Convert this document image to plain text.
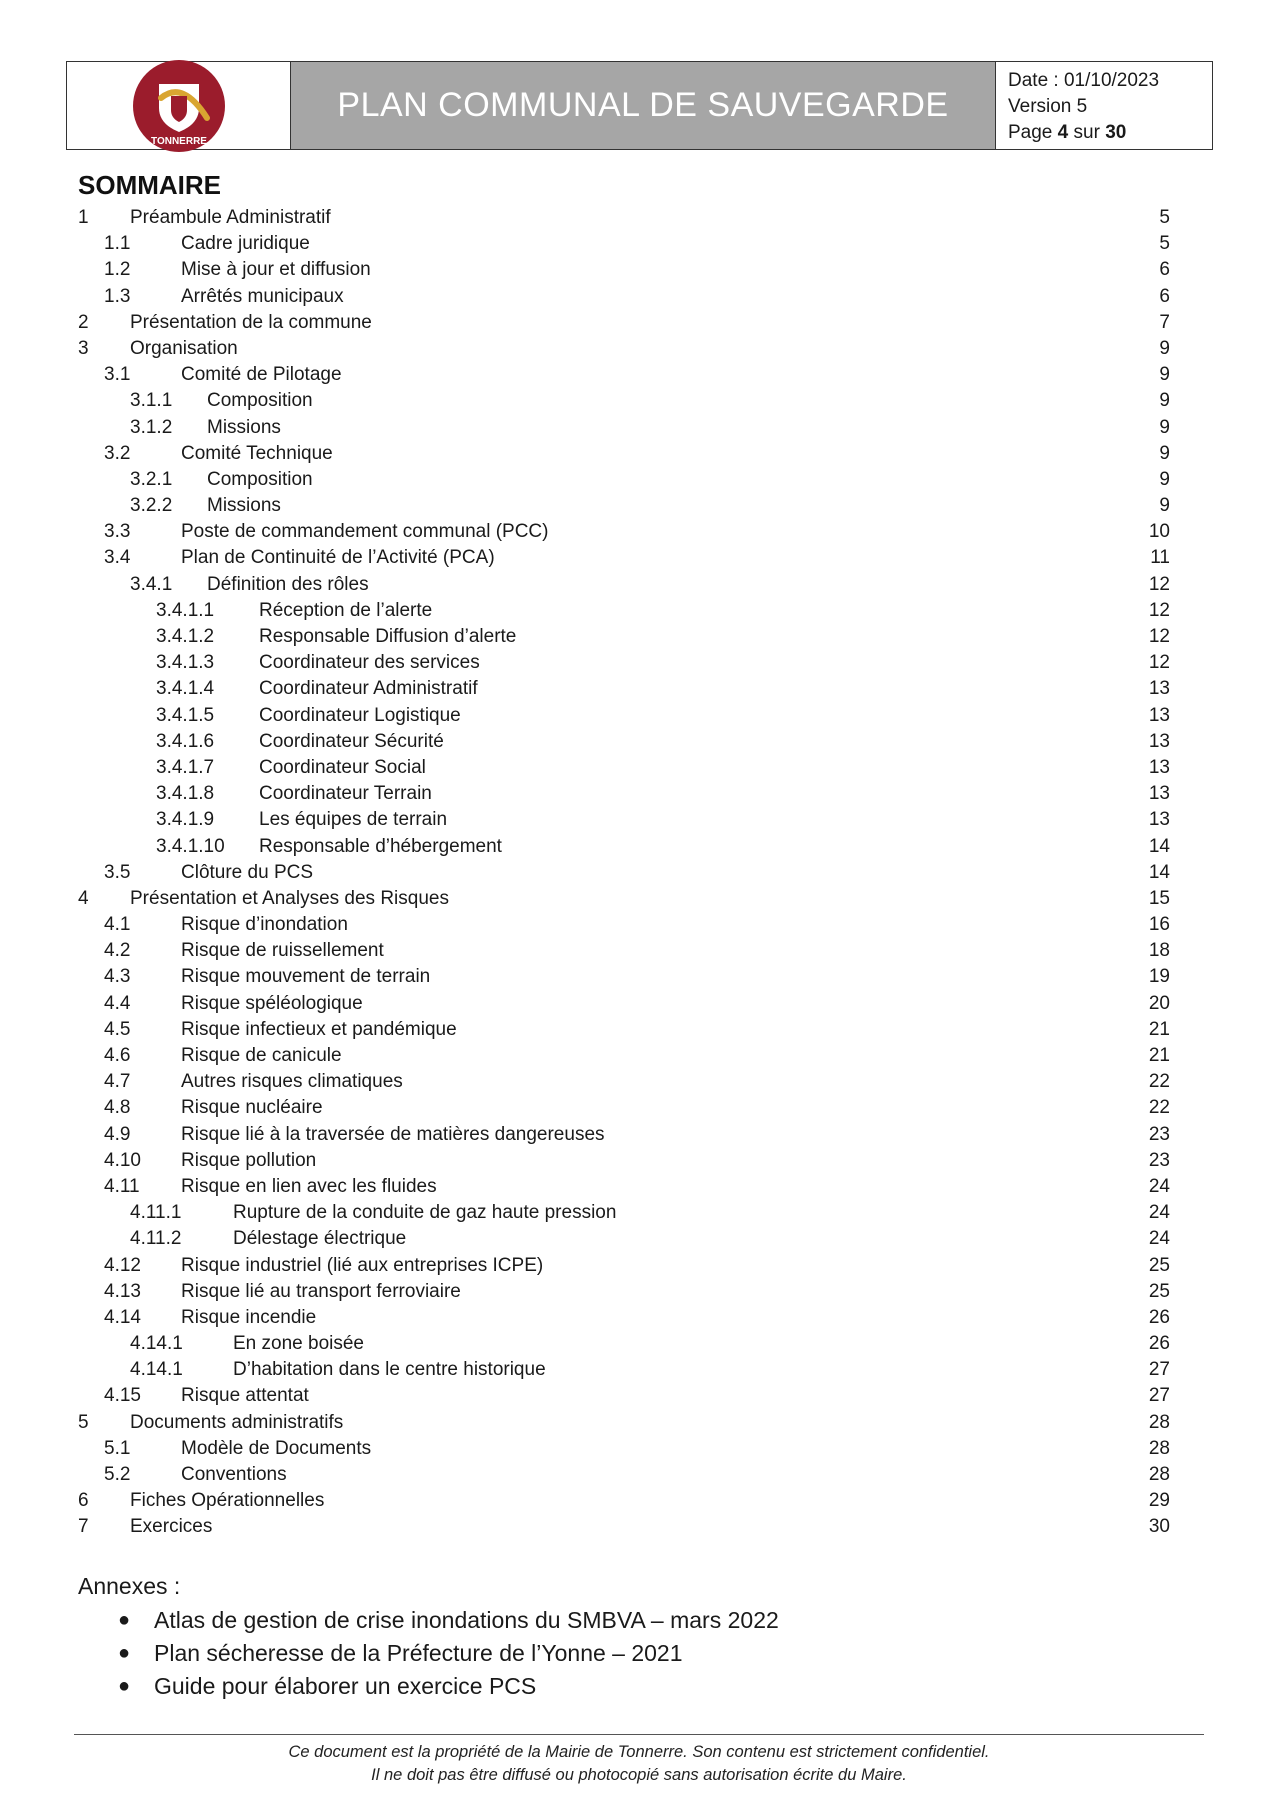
TONNERRE
PLAN COMMUNAL DE SAUVEGARDE
Date : 01/10/2023
Version 5
Page 4 sur 30
SOMMAIRE
1 Préambule Administratif	5
1.1	Cadre juridique	5
1.2	Mise à jour et diffusion	6
1.3	Arrêtés municipaux	6
2 Présentation de la commune	7
3 Organisation	9
3.1	Comité de Pilotage	9
3.1.1 Composition	9
3.1.2 Missions	9
3.2	Comité Technique	9
3.2.1 Composition	9
3.2.2 Missions	9
3.3	Poste de commandement communal (PCC)	10
3.4	Plan de Continuité de l’Activité (PCA)	11
3.4.1 Définition des rôles	12
3.4.1.1 Réception de l’alerte	12
3.4.1.2 Responsable Diffusion d’alerte	12
3.4.1.3 Coordinateur des services	12
3.4.1.4 Coordinateur Administratif	13
3.4.1.5 Coordinateur Logistique	13
3.4.1.6 Coordinateur Sécurité	13
3.4.1.7 Coordinateur Social	13
3.4.1.8 Coordinateur Terrain	13
3.4.1.9 Les équipes de terrain	13
3.4.1.10 Responsable d’hébergement	14
3.5	Clôture du PCS	14
4 Présentation et Analyses des Risques	15
4.1	Risque d’inondation	16
4.2	Risque de ruissellement	18
4.3	Risque mouvement de terrain	19
4.4	Risque spéléologique	20
4.5	Risque infectieux et pandémique	21
4.6	Risque de canicule	21
4.7	Autres risques climatiques	22
4.8	Risque nucléaire	22
4.9	Risque lié à la traversée de matières dangereuses	23
4.10 Risque pollution	23
4.11 Risque en lien avec les fluides	24
4.11.1	Rupture de la conduite de gaz haute pression	24
4.11.2	Délestage électrique	24
4.12 Risque industriel (lié aux entreprises ICPE)	25
4.13 Risque lié au transport ferroviaire	25
4.14 Risque incendie	26
4.14.1	En zone boisée	26
4.14.1	D’habitation dans le centre historique	27
4.15 Risque attentat	27
5 Documents administratifs	28
5.1	Modèle de Documents	28
5.2	Conventions	28
6 Fiches Opérationnelles	29
7 Exercices	30
Annexes :
● Atlas de gestion de crise inondations du SMBVA – mars 2022
● Plan sécheresse de la Préfecture de l’Yonne – 2021
● Guide pour élaborer un exercice PCS
Ce document est la propriété de la Mairie de Tonnerre. Son contenu est strictement confidentiel.
Il ne doit pas être diffusé ou photocopié sans autorisation écrite du Maire.
